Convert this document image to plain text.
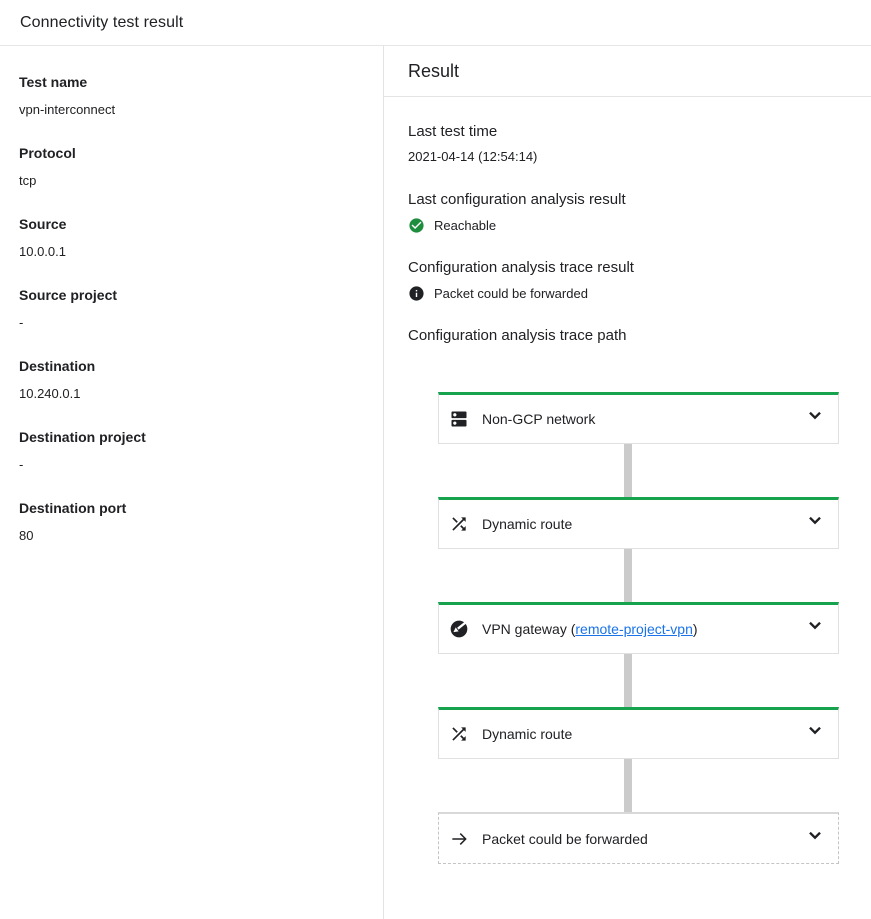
Connectivity test result
Test name
vpn-interconnect
Protocol
tcp
Source
10.0.0.1
Source project
-
Destination
10.240.0.1
Destination project
-
Destination port
80
Result
Last test time
2021-04-14 (12:54:14)
Last configuration analysis result
Reachable
Configuration analysis trace result
Packet could be forwarded
Configuration analysis trace path
Non-GCP network
Dynamic route
VPN gateway (remote-project-vpn)
Dynamic route
Packet could be forwarded
